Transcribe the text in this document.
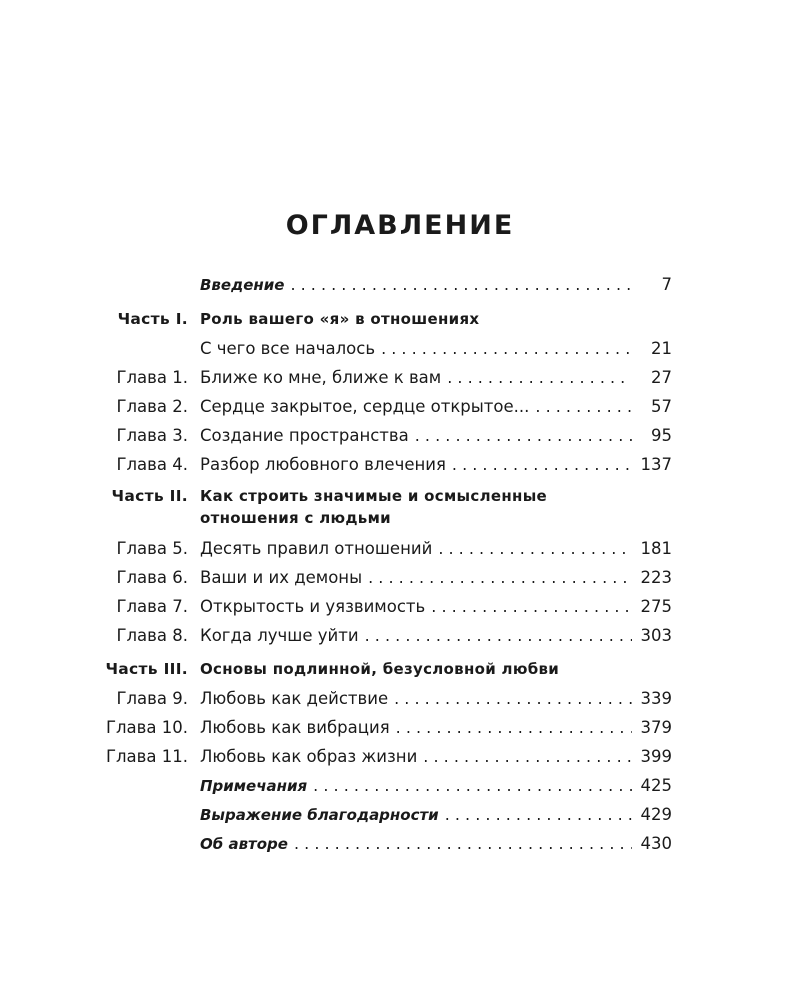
ОГЛАВЛЕНИЕ
Введение . . .	7
Часть I. Роль вашего «я» в отношениях
С чего все началось . . .	21
Глава 1. Ближе ко мне, ближе к вам . . .	27
Глава 2. Сердце закрытое, сердце открытое... . . .	57
Глава 3. Создание пространства . . .	95
Глава 4. Разбор любовного влечения . . .	137
Часть II. Как строить значимые и осмысленные
отношения с людьми
Глава 5. Десять правил отношений . . .	181
Глава 6. Ваши и их демоны . . .	223
Глава 7. Открытость и уязвимость . . .	275
Глава 8. Когда лучше уйти . . .	303
Часть III. Основы подлинной, безусловной любви
Глава 9. Любовь как действие . . .	339
Глава 10. Любовь как вибрация . . .	379
Глава 11. Любовь как образ жизни . . .	399
Примечания . . .	425
Выражение благодарности . . .	429
Об авторе . . .	430
